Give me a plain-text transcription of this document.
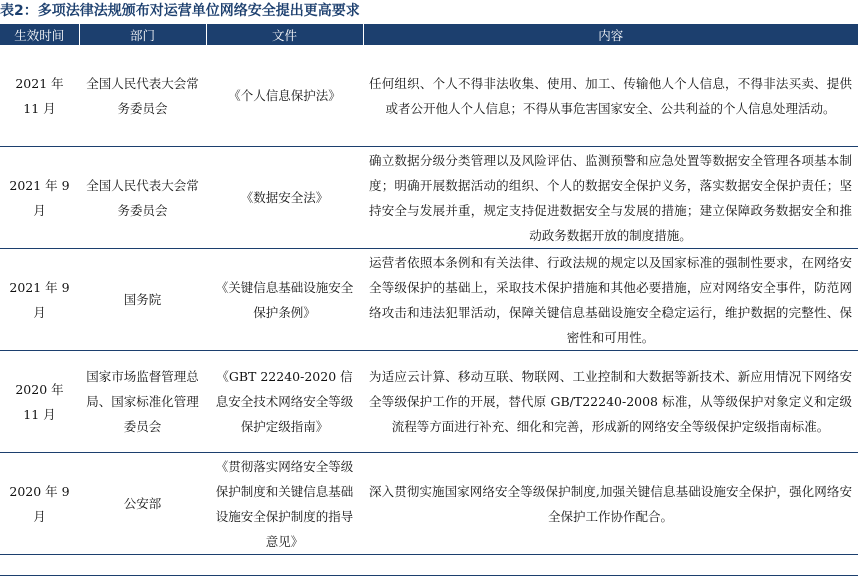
表2：多项法律法规颁布对运营单位网络安全提出更高要求
生效时间	部门	文件	内容
2021 年 11 月	全国人民代表大会常务委员会	《个人信息保护法》	任何组织、个人不得非法收集、使用、加工、传输他人个人信息，不得非法买卖、提供或者公开他人个人信息；不得从事危害国家安全、公共利益的个人信息处理活动。
2021 年 9 月	全国人民代表大会常务委员会	《数据安全法》	确立数据分级分类管理以及风险评估、监测预警和应急处置等数据安全管理各项基本制度；明确开展数据活动的组织、个人的数据安全保护义务，落实数据安全保护责任；坚持安全与发展并重，规定支持促进数据安全与发展的措施；建立保障政务数据安全和推动政务数据开放的制度措施。
2021 年 9 月	国务院	《关键信息基础设施安全保护条例》	运营者依照本条例和有关法律、行政法规的规定以及国家标准的强制性要求，在网络安全等级保护的基础上，采取技术保护措施和其他必要措施，应对网络安全事件，防范网络攻击和违法犯罪活动，保障关键信息基础设施安全稳定运行，维护数据的完整性、保密性和可用性。
2020 年 11 月	国家市场监督管理总局、国家标准化管理委员会	《GBT 22240-2020 信息安全技术网络安全等级保护定级指南》	为适应云计算、移动互联、物联网、工业控制和大数据等新技术、新应用情况下网络安全等级保护工作的开展，替代原 GB/T22240-2008 标准，从等级保护对象定义和定级流程等方面进行补充、细化和完善，形成新的网络安全等级保护定级指南标准。
2020 年 9 月	公安部	《贯彻落实网络安全等级保护制度和关键信息基础设施安全保护制度的指导意见》	深入贯彻实施国家网络安全等级保护制度,加强关键信息基础设施安全保护，强化网络安全保护工作协作配合。
